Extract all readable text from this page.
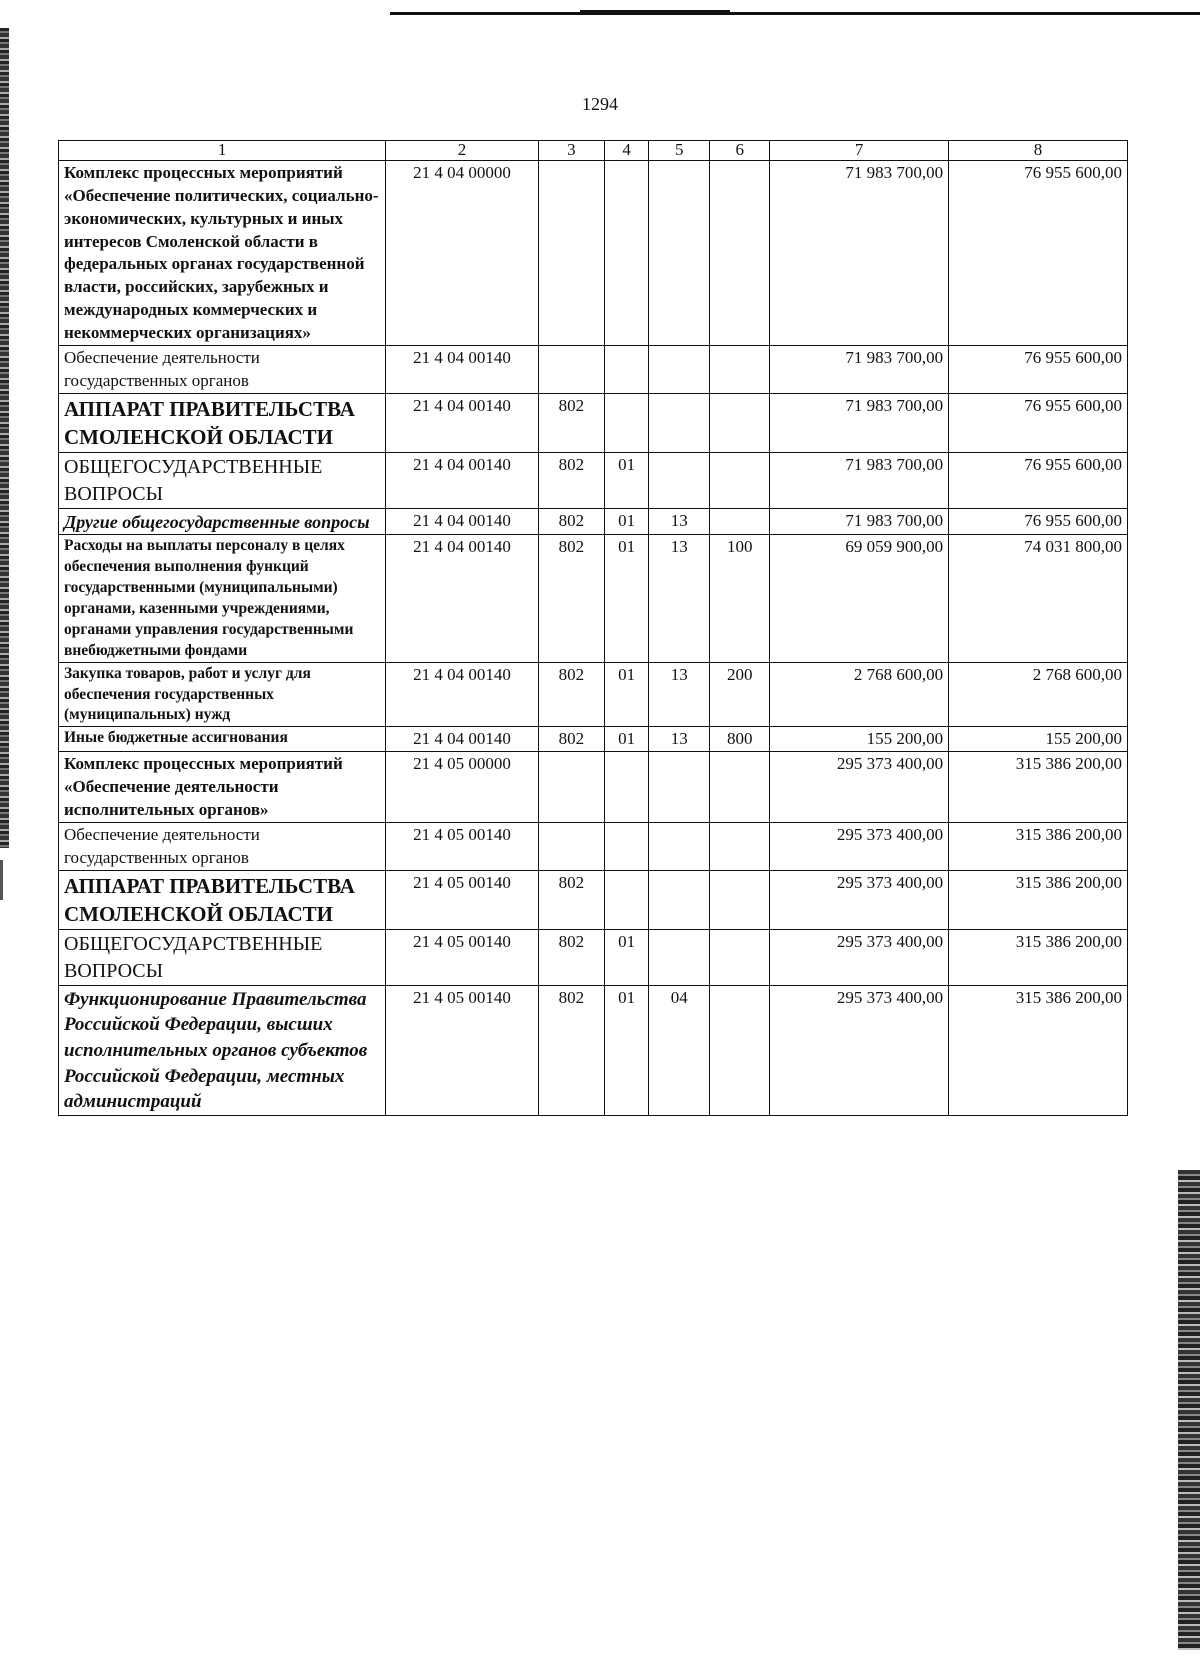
1294
1	2	3	4	5	6	7	8
Комплекс процессных мероприятий «Обеспечение политических, социально-экономических, культурных и иных интересов Смоленской области в федеральных органах государственной власти, российских, зарубежных и международных коммерческих и некоммерческих организациях»	21 4 04 00000					71 983 700,00	76 955 600,00
Обеспечение деятельности государственных органов	21 4 04 00140					71 983 700,00	76 955 600,00
АППАРАТ ПРАВИТЕЛЬСТВА СМОЛЕНСКОЙ ОБЛАСТИ	21 4 04 00140	802				71 983 700,00	76 955 600,00
ОБЩЕГОСУДАРСТВЕННЫЕ ВОПРОСЫ	21 4 04 00140	802	01			71 983 700,00	76 955 600,00
Другие общегосударственные вопросы	21 4 04 00140	802	01	13		71 983 700,00	76 955 600,00
Расходы на выплаты персоналу в целях обеспечения выполнения функций государственными (муниципальными) органами, казенными учреждениями, органами управления государственными внебюджетными фондами	21 4 04 00140	802	01	13	100	69 059 900,00	74 031 800,00
Закупка товаров, работ и услуг для обеспечения государственных (муниципальных) нужд	21 4 04 00140	802	01	13	200	2 768 600,00	2 768 600,00
Иные бюджетные ассигнования	21 4 04 00140	802	01	13	800	155 200,00	155 200,00
Комплекс процессных мероприятий «Обеспечение деятельности исполнительных органов»	21 4 05 00000					295 373 400,00	315 386 200,00
Обеспечение деятельности государственных органов	21 4 05 00140					295 373 400,00	315 386 200,00
АППАРАТ ПРАВИТЕЛЬСТВА СМОЛЕНСКОЙ ОБЛАСТИ	21 4 05 00140	802				295 373 400,00	315 386 200,00
ОБЩЕГОСУДАРСТВЕННЫЕ ВОПРОСЫ	21 4 05 00140	802	01			295 373 400,00	315 386 200,00
Функционирование Правительства Российской Федерации, высших исполнительных органов субъектов Российской Федерации, местных администраций	21 4 05 00140	802	01	04		295 373 400,00	315 386 200,00
